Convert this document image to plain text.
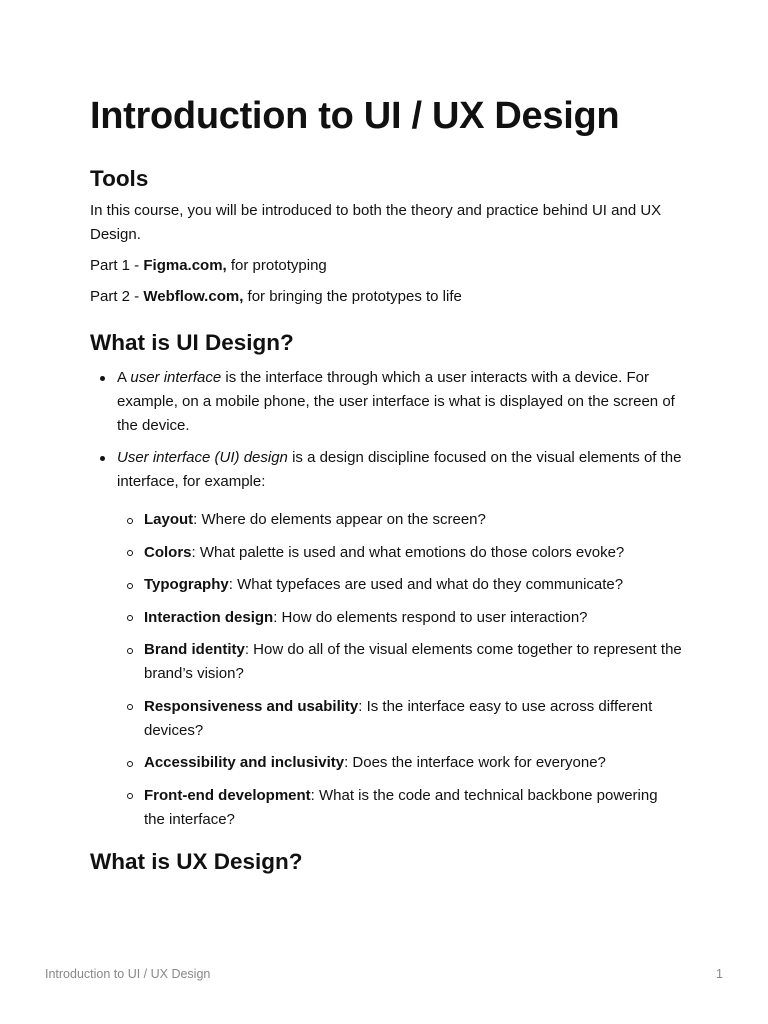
Introduction to UI / UX Design
Tools

In this course, you will be introduced to both the theory and practice behind UI and UX Design.

Part 1 - Figma.com, for prototyping

Part 2 - Webflow.com, for bringing the prototypes to life

What is UI Design?
A user interface is the interface through which a user interacts with a device. For example, on a mobile phone, the user interface is what is displayed on the screen of the device.
User interface (UI) design is a design discipline focused on the visual elements of the interface, for example:
Layout: Where do elements appear on the screen?
Colors: What palette is used and what emotions do those colors evoke?
Typography: What typefaces are used and what do they communicate?
Interaction design: How do elements respond to user interaction?
Brand identity: How do all of the visual elements come together to represent the brand’s vision?
Responsiveness and usability: Is the interface easy to use across different devices?
Accessibility and inclusivity: Does the interface work for everyone?
Front-end development: What is the code and technical backbone powering the interface?
What is UX Design?
Introduction to UI / UX Design	1
